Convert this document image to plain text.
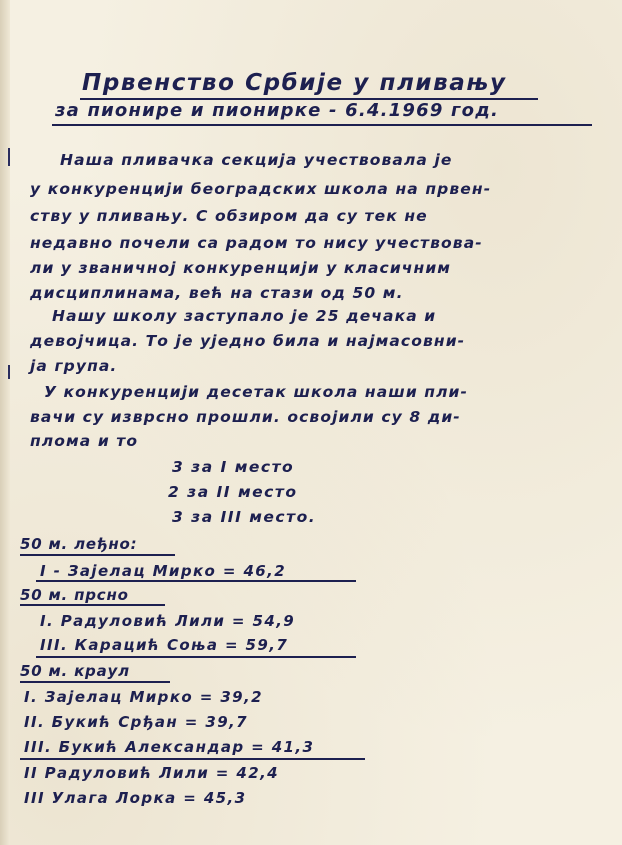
Првенство Србије у пливању
за пионире и пионирке - 6.4.1969 год.
Наша пливачка секција учествовала је
у конкуренцији београдских школа на првен-
ству у пливању. С обзиром да су тек не
недавно почели са радом то нису учествова-
ли у званичној конкуренцији у класичним
дисциплинама, већ на стази од 50 м.
Нашу школу заступало је 25 дечака и
девојчица. То је уједно била и најмасовни-
ја група.
У конкуренцији десетак школа наши пли-
вачи су изврсно прошли. освојили су 8 ди-
плома и то
3 за I место
2 за II место
3 за III место.
50 м. леђно:
I - Зајелац Мирко = 46,2
50 м. прсно
I. Радуловић Лили = 54,9
III. Карацић Соња = 59,7
50 м. краул
I. Зајелац Мирко = 39,2
II. Букић Срђан = 39,7
III. Букић Александар = 41,3
II Радуловић Лили = 42,4
III Улага Лорка = 45,3
